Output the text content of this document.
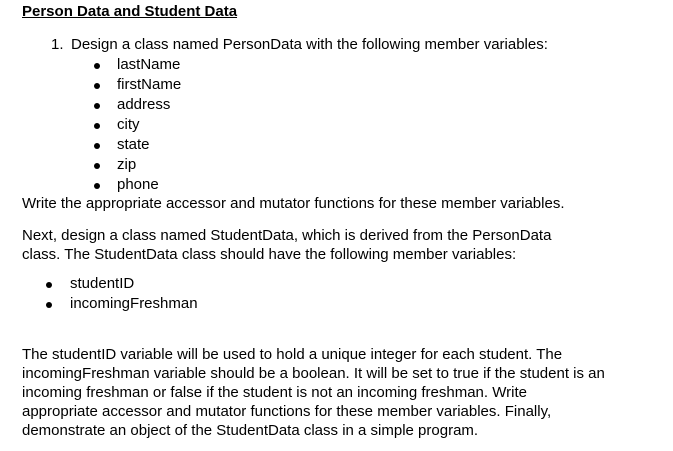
Person Data and Student Data
1. Design a class named PersonData with the following member variables:
lastName
firstName
address
city
state
zip
phone
Write the appropriate accessor and mutator functions for these member variables.
Next, design a class named StudentData, which is derived from the PersonData
class. The StudentData class should have the following member variables:
studentID
incomingFreshman
The studentID variable will be used to hold a unique integer for each student. The
incomingFreshman variable should be a boolean. It will be set to true if the student is an
incoming freshman or false if the student is not an incoming freshman. Write
appropriate accessor and mutator functions for these member variables. Finally,
demonstrate an object of the StudentData class in a simple program.
